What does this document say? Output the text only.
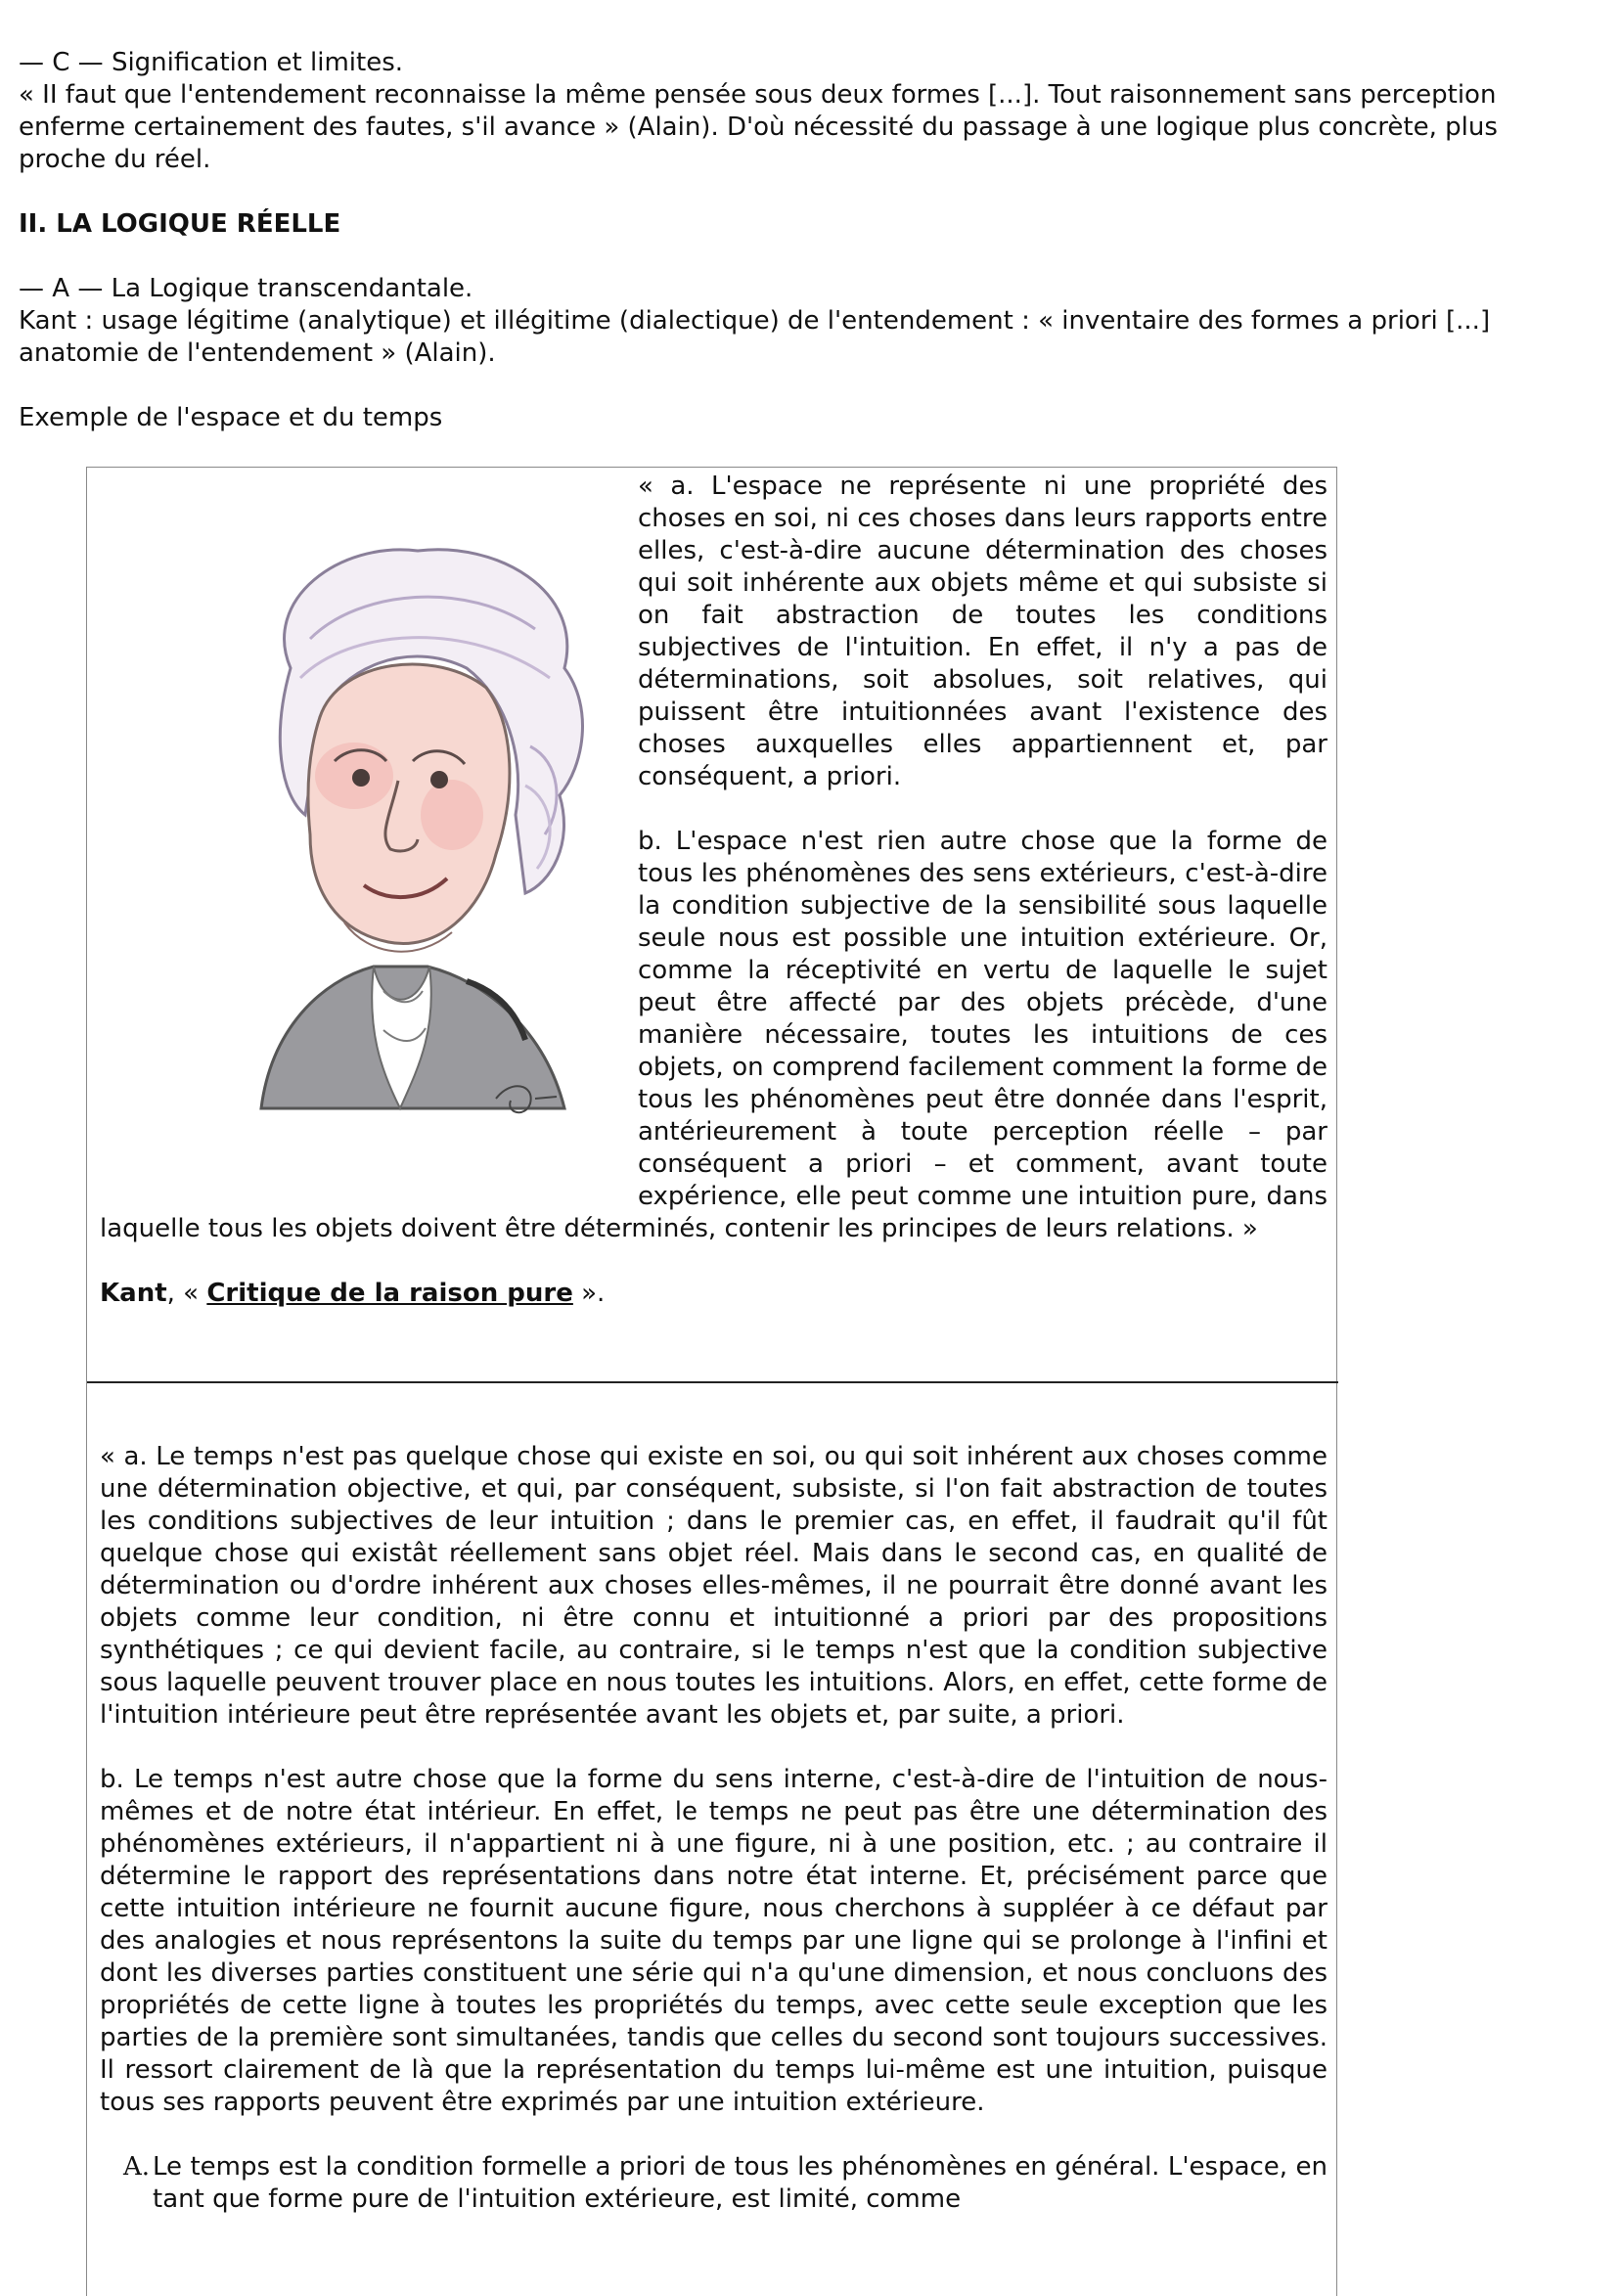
— C — Signification et limites.
« II faut que l'entendement reconnaisse la même pensée sous deux formes [...]. Tout raisonnement sans perception
enferme certainement des fautes, s'il avance » (Alain). D'où nécessité du passage à une logique plus concrète, plus
proche du réel.
II. LA LOGIQUE RÉELLE
— A — La Logique transcendantale.
Kant : usage légitime (analytique) et illégitime (dialectique) de l'entendement : « inventaire des formes a priori [...]
anatomie de l'entendement » (Alain).
Exemple de l'espace et du temps

« a. L'espace ne représente ni une propriété des choses en soi, ni ces choses dans leurs rapports entre elles, c'est-à-dire aucune détermination des choses qui soit inhérente aux objets même et qui subsiste si on fait abstraction de toutes les conditions subjectives de l'intuition. En effet, il n'y a pas de déterminations, soit absolues, soit relatives, qui puissent être intuitionnées avant l'existence des choses auxquelles elles appartiennent et, par conséquent, a priori.

b. L'espace n'est rien autre chose que la forme de tous les phénomènes des sens extérieurs, c'est-à-dire la condition subjective de la sensibilité sous laquelle seule nous est possible une intuition extérieure. Or, comme la réceptivité en vertu de laquelle le sujet peut être affecté par des objets précède, d'une manière nécessaire, toutes les intuitions de ces objets, on comprend facilement comment la forme de tous les phénomènes peut être donnée dans l'esprit, antérieurement à toute perception réelle – par conséquent a priori – et comment, avant toute expérience, elle peut comme une intuition pure, dans laquelle tous les objets doivent être déterminés, contenir les principes de leurs relations. »

Kant, « Critique de la raison pure ».

« a. Le temps n'est pas quelque chose qui existe en soi, ou qui soit inhérent aux choses comme une détermination objective, et qui, par conséquent, subsiste, si l'on fait abstraction de toutes les conditions subjectives de leur intuition ; dans le premier cas, en effet, il faudrait qu'il fût quelque chose qui existât réellement sans objet réel. Mais dans le second cas, en qualité de détermination ou d'ordre inhérent aux choses elles-mêmes, il ne pourrait être donné avant les objets comme leur condition, ni être connu et intuitionné a priori par des propositions synthétiques ; ce qui devient facile, au contraire, si le temps n'est que la condition subjective sous laquelle peuvent trouver place en nous toutes les intuitions. Alors, en effet, cette forme de l'intuition intérieure peut être représentée avant les objets et, par suite, a priori.

b. Le temps n'est autre chose que la forme du sens interne, c'est-à-dire de l'intuition de nous-mêmes et de notre état intérieur. En effet, le temps ne peut pas être une détermination des phénomènes extérieurs, il n'appartient ni à une figure, ni à une position, etc. ; au contraire il détermine le rapport des représentations dans notre état interne. Et, précisément parce que cette intuition intérieure ne fournit aucune figure, nous cherchons à suppléer à ce défaut par des analogies et nous représentons la suite du temps par une ligne qui se prolonge à l'infini et dont les diverses parties constituent une série qui n'a qu'une dimension, et nous concluons des propriétés de cette ligne à toutes les propriétés du temps, avec cette seule exception que les parties de la première sont simultanées, tandis que celles du second sont toujours successives. Il ressort clairement de là que la représentation du temps lui-même est une intuition, puisque tous ses rapports peuvent être exprimés par une intuition extérieure.

A. Le temps est la condition formelle a priori de tous les phénomènes en général. L'espace, en tant que forme pure de l'intuition extérieure, est limité, comme
